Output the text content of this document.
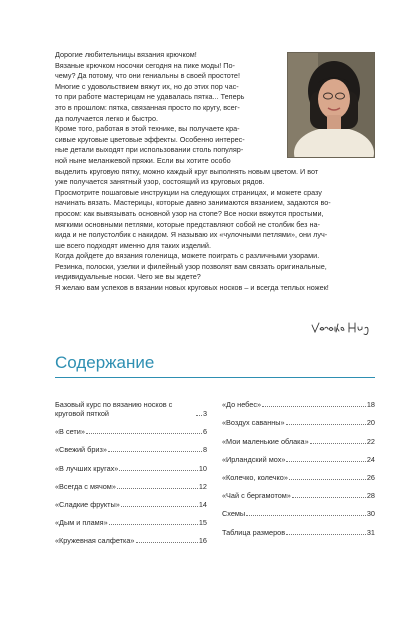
Дорогие любительницы вязания крючком!

Вязаные крючком носочки сегодня на пике моды! По-

чему? Да потому, что они гениальны в своей простоте!

Многие с удовольствием вяжут их, но до этих пор час-

то при работе мастерицам не удавалась пятка... Теперь

это в прошлом: пятка, связанная просто по кругу, всег-

да получается легко и быстро.

Кроме того, работая в этой технике, вы получаете кра-

сивые круговые цветовые эффекты. Особенно интерес-

ные детали выходят при использовании столь популяр-

ной ныне меланжевой пряжи. Если вы хотите особо

выделить круговую пятку, можно каждый круг выполнять новым цветом. И вот

уже получается занятный узор, состоящий из круговых рядов.

Просмотрите пошаговые инструкции на следующих страницах, и можете сразу

начинать вязать. Мастерицы, которые давно занимаются вязанием, задаются во-

просом: как вывязывать основной узор на стопе? Все носки вяжутся простыми,

мягкими основными петлями, которые представляют собой не столбик без на-

кида и не полустолбик с накидом. Я называю их «чулочными петлями», они луч-

ше всего подходят именно для таких изделий.

Когда дойдете до вязания голенища, можете поиграть с различными узорами.

Резинка, полоски, узелки и филейный узор позволят вам связать оригинальные,

индивидуальные носки. Чего же вы ждете?

Я желаю вам успехов в вязании новых круговых носков – и всегда теплых ножек!

Содержание
Базовый курс по вязанию носков с круговой пяткой	3
«В сети»	6
«Свежий бриз»	8
«В лучших кругах»	10
«Всегда с мячом»	12
«Сладкие фрукты»	14
«Дым и пламя»	15
«Кружевная салфетка»	16
«До небес»	18
«Воздух саванны»	20
«Мои маленькие облака»	22
«Ирландский мох»	24
«Колечко, колечко»	26
«Чай с бергамотом»	28
Схемы	30
Таблица размеров	31
